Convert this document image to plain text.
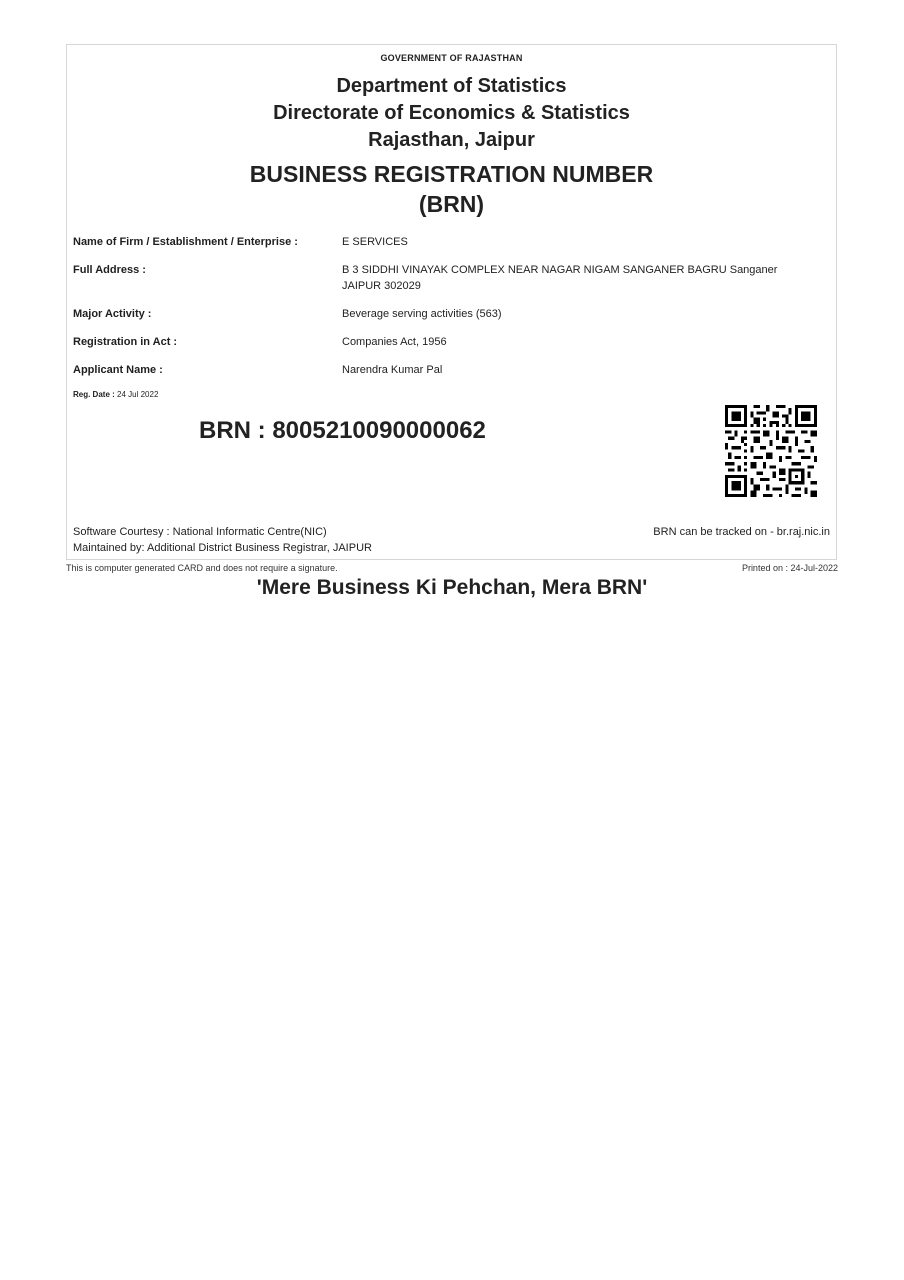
GOVERNMENT OF RAJASTHAN
Department of Statistics
Directorate of Economics & Statistics
Rajasthan, Jaipur
BUSINESS REGISTRATION NUMBER
(BRN)
Name of Firm / Establishment / Enterprise :	E SERVICES
Full Address :	B 3 SIDDHI VINAYAK COMPLEX NEAR NAGAR NIGAM SANGANER BAGRU Sanganer JAIPUR 302029
Major Activity :	Beverage serving activities (563)
Registration in Act :	Companies Act, 1956
Applicant Name :	Narendra Kumar Pal
Reg. Date : 24 Jul 2022
BRN : 8005210090000062
Software Courtesy : National Informatic Centre(NIC)
Maintained by: Additional District Business Registrar, JAIPUR
BRN can be tracked on - br.raj.nic.in
This is computer generated CARD and does not require a signature.	Printed on : 24-Jul-2022
'Mere Business Ki Pehchan, Mera BRN'
